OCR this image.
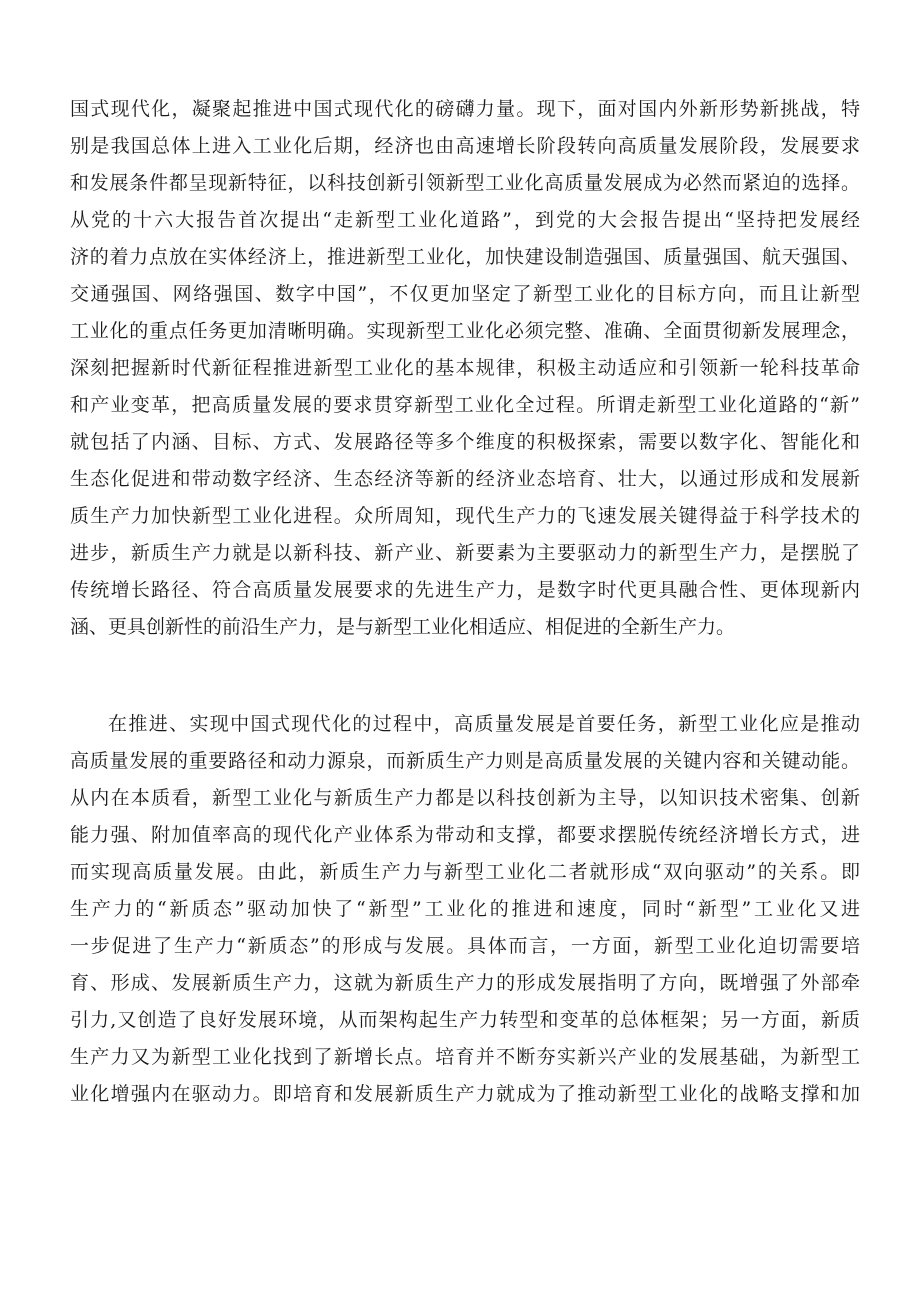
国式现代化，凝聚起推进中国式现代化的磅礴力量。现下，面对国内外新形势新挑战，特
别是我国总体上进入工业化后期，经济也由高速增长阶段转向高质量发展阶段，发展要求
和发展条件都呈现新特征，以科技创新引领新型工业化高质量发展成为必然而紧迫的选择。
从党的十六大报告首次提出“走新型工业化道路”，到党的大会报告提出“坚持把发展经
济的着力点放在实体经济上，推进新型工业化，加快建设制造强国、质量强国、航天强国、
交通强国、网络强国、数字中国”，不仅更加坚定了新型工业化的目标方向，而且让新型
工业化的重点任务更加清晰明确。实现新型工业化必须完整、准确、全面贯彻新发展理念，
深刻把握新时代新征程推进新型工业化的基本规律，积极主动适应和引领新一轮科技革命
和产业变革，把高质量发展的要求贯穿新型工业化全过程。所谓走新型工业化道路的“新”
就包括了内涵、目标、方式、发展路径等多个维度的积极探索，需要以数字化、智能化和
生态化促进和带动数字经济、生态经济等新的经济业态培育、壮大，以通过形成和发展新
质生产力加快新型工业化进程。众所周知，现代生产力的飞速发展关键得益于科学技术的
进步，新质生产力就是以新科技、新产业、新要素为主要驱动力的新型生产力，是摆脱了
传统增长路径、符合高质量发展要求的先进生产力，是数字时代更具融合性、更体现新内
涵、更具创新性的前沿生产力，是与新型工业化相适应、相促进的全新生产力。
在推进、实现中国式现代化的过程中，高质量发展是首要任务，新型工业化应是推动
高质量发展的重要路径和动力源泉，而新质生产力则是高质量发展的关键内容和关键动能。
从内在本质看，新型工业化与新质生产力都是以科技创新为主导，以知识技术密集、创新
能力强、附加值率高的现代化产业体系为带动和支撑，都要求摆脱传统经济增长方式，进
而实现高质量发展。由此，新质生产力与新型工业化二者就形成“双向驱动”的关系。即
生产力的“新质态”驱动加快了“新型”工业化的推进和速度，同时“新型”工业化又进
一步促进了生产力“新质态”的形成与发展。具体而言，一方面，新型工业化迫切需要培
育、形成、发展新质生产力，这就为新质生产力的形成发展指明了方向，既增强了外部牵
引力,又创造了良好发展环境，从而架构起生产力转型和变革的总体框架；另一方面，新质
生产力又为新型工业化找到了新增长点。培育并不断夯实新兴产业的发展基础，为新型工
业化增强内在驱动力。即培育和发展新质生产力就成为了推动新型工业化的战略支撑和加
